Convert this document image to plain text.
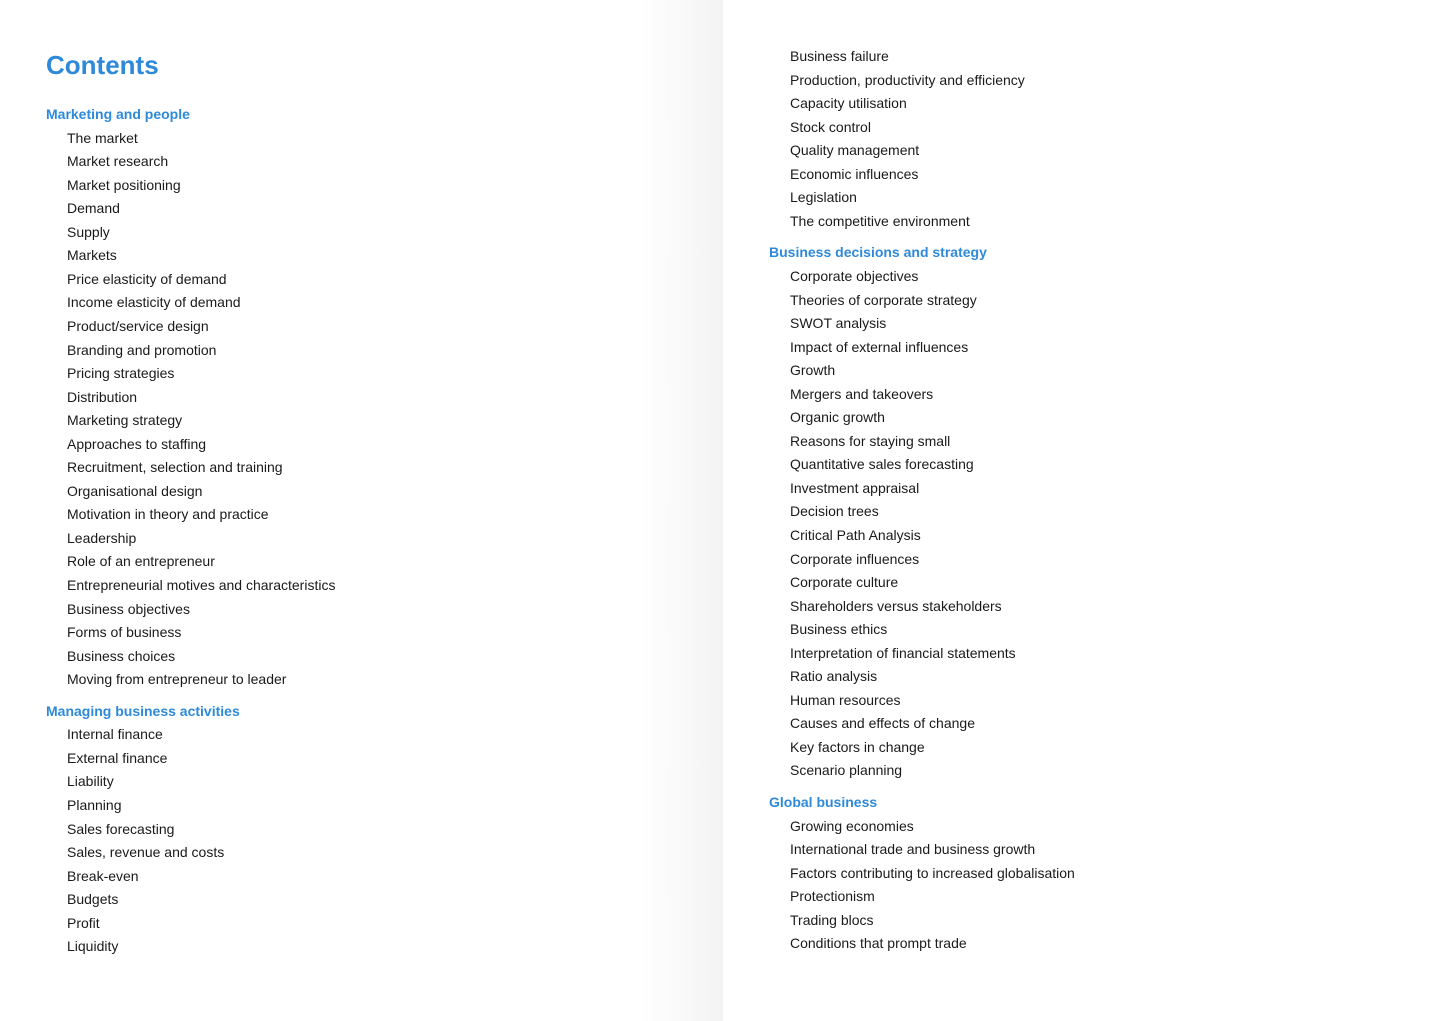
Contents
Marketing and people
The market
Market research
Market positioning
Demand
Supply
Markets
Price elasticity of demand
Income elasticity of demand
Product/service design
Branding and promotion
Pricing strategies
Distribution
Marketing strategy
Approaches to staffing
Recruitment, selection and training
Organisational design
Motivation in theory and practice
Leadership
Role of an entrepreneur
Entrepreneurial motives and characteristics
Business objectives
Forms of business
Business choices
Moving from entrepreneur to leader
Managing business activities
Internal finance
External finance
Liability
Planning
Sales forecasting
Sales, revenue and costs
Break-even
Budgets
Profit
Liquidity
Business failure
Production, productivity and efficiency
Capacity utilisation
Stock control
Quality management
Economic influences
Legislation
The competitive environment
Business decisions and strategy
Corporate objectives
Theories of corporate strategy
SWOT analysis
Impact of external influences
Growth
Mergers and takeovers
Organic growth
Reasons for staying small
Quantitative sales forecasting
Investment appraisal
Decision trees
Critical Path Analysis
Corporate influences
Corporate culture
Shareholders versus stakeholders
Business ethics
Interpretation of financial statements
Ratio analysis
Human resources
Causes and effects of change
Key factors in change
Scenario planning
Global business
Growing economies
International trade and business growth
Factors contributing to increased globalisation
Protectionism
Trading blocs
Conditions that prompt trade
